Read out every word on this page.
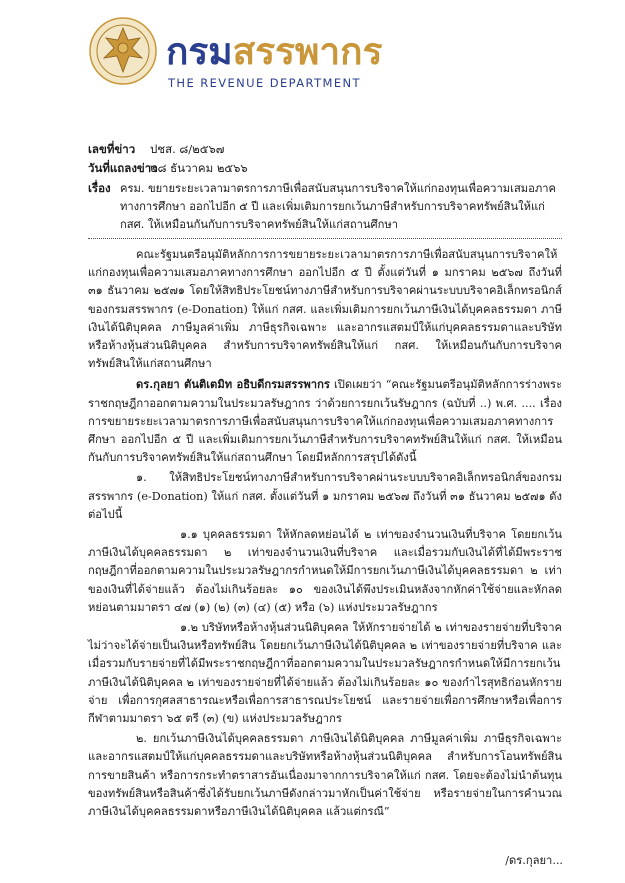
กรมสรรพากร
THE REVENUE DEPARTMENT
เลขที่ข่าว ปชส. ๘/๒๕๖๗
วันที่แถลงข่าว
๒๘ ธันวาคม ๒๕๖๖
เรื่อง ครม. ขยายระยะเวลามาตรการภาษีเพื่อสนับสนุนการบริจาคให้แก่กองทุนเพื่อความเสมอภาคทางการศึกษา ออกไปอีก ๕ ปี และเพิ่มเติมการยกเว้นภาษีสำหรับการบริจาคทรัพย์สินให้แก่ กสศ. ให้เหมือนกันกับการบริจาคทรัพย์สินให้แก่สถานศึกษา

คณะรัฐมนตรีอนุมัติหลักการการขยายระยะเวลามาตรการภาษีเพื่อสนับสนุนการบริจาคให้แก่กองทุนเพื่อความเสมอภาคทางการศึกษา ออกไปอีก ๕ ปี ตั้งแต่วันที่ ๑ มกราคม ๒๕๖๗ ถึงวันที่ ๓๑ ธันวาคม ๒๕๗๑ โดยให้สิทธิประโยชน์ทางภาษีสำหรับการบริจาคผ่านระบบบริจาคอิเล็กทรอนิกส์ของกรมสรรพากร (e-Donation) ให้แก่ กสศ. และเพิ่มเติมการยกเว้นภาษีเงินได้บุคคลธรรมดา ภาษีเงินได้นิติบุคคล ภาษีมูลค่าเพิ่ม ภาษีธุรกิจเฉพาะ และอากรแสตมป์ให้แก่บุคคลธรรมดาและบริษัทหรือห้างหุ้นส่วนนิติบุคคล สำหรับการบริจาคทรัพย์สินให้แก่ กสศ. ให้เหมือนกันกับการบริจาคทรัพย์สินให้แก่สถานศึกษา

ดร.กุลยา ตันติเตมิท อธิบดีกรมสรรพากร เปิดเผยว่า “คณะรัฐมนตรีอนุมัติหลักการร่างพระราชกฤษฎีกาออกตามความในประมวลรัษฎากร ว่าด้วยการยกเว้นรัษฎากร (ฉบับที่ ..) พ.ศ. .... เรื่อง การขยายระยะเวลามาตรการภาษีเพื่อสนับสนุนการบริจาคให้แก่กองทุนเพื่อความเสมอภาคทางการศึกษา ออกไปอีก ๕ ปี และเพิ่มเติมการยกเว้นภาษีสำหรับการบริจาคทรัพย์สินให้แก่ กสศ. ให้เหมือนกันกับการบริจาคทรัพย์สินให้แก่สถานศึกษา โดยมีหลักการสรุปได้ดังนี้

๑. ให้สิทธิประโยชน์ทางภาษีสำหรับการบริจาคผ่านระบบบริจาคอิเล็กทรอนิกส์ของกรมสรรพากร (e-Donation) ให้แก่ กสศ. ตั้งแต่วันที่ ๑ มกราคม ๒๕๖๗ ถึงวันที่ ๓๑ ธันวาคม ๒๕๗๑ ดังต่อไปนี้

๑.๑ บุคคลธรรมดา ให้หักลดหย่อนได้ ๒ เท่าของจำนวนเงินที่บริจาค โดยยกเว้นภาษีเงินได้บุคคลธรรมดา ๒ เท่าของจำนวนเงินที่บริจาค และเมื่อรวมกับเงินได้ที่ได้มีพระราชกฤษฎีกาที่ออกตามความในประมวลรัษฎากรกำหนดให้มีการยกเว้นภาษีเงินได้บุคคลธรรมดา ๒ เท่า ของเงินที่ได้จ่ายแล้ว ต้องไม่เกินร้อยละ ๑๐ ของเงินได้พึงประเมินหลังจากหักค่าใช้จ่ายและหักลดหย่อนตามมาตรา ๔๗ (๑) (๒) (๓) (๔) (๕) หรือ (๖) แห่งประมวลรัษฎากร

๑.๒ บริษัทหรือห้างหุ้นส่วนนิติบุคคล ให้หักรายจ่ายได้ ๒ เท่าของรายจ่ายที่บริจาคไม่ว่าจะได้จ่ายเป็นเงินหรือทรัพย์สิน โดยยกเว้นภาษีเงินได้นิติบุคคล ๒ เท่าของรายจ่ายที่บริจาค และเมื่อรวมกับรายจ่ายที่ได้มีพระราชกฤษฎีกาที่ออกตามความในประมวลรัษฎากรกำหนดให้มีการยกเว้นภาษีเงินได้นิติบุคคล ๒ เท่าของรายจ่ายที่ได้จ่ายแล้ว ต้องไม่เกินร้อยละ ๑๐ ของกำไรสุทธิก่อนหักรายจ่าย เพื่อการกุศลสาธารณะหรือเพื่อการสาธารณประโยชน์ และรายจ่ายเพื่อการศึกษาหรือเพื่อการกีฬาตามมาตรา ๖๕ ตรี (๓) (ข) แห่งประมวลรัษฎากร

๒. ยกเว้นภาษีเงินได้บุคคลธรรมดา ภาษีเงินได้นิติบุคคล ภาษีมูลค่าเพิ่ม ภาษีธุรกิจเฉพาะ และอากรแสตมป์ให้แก่บุคคลธรรมดาและบริษัทหรือห้างหุ้นส่วนนิติบุคคล สำหรับการโอนทรัพย์สิน การขายสินค้า หรือการกระทำตราสารอันเนื่องมาจากการบริจาคให้แก่ กสศ. โดยจะต้องไม่นำต้นทุนของทรัพย์สินหรือสินค้าซึ่งได้รับยกเว้นภาษีดังกล่าวมาหักเป็นค่าใช้จ่าย หรือรายจ่ายในการคำนวณภาษีเงินได้บุคคลธรรมดาหรือภาษีเงินได้นิติบุคคล แล้วแต่กรณี”

/ดร.กุลยา...
